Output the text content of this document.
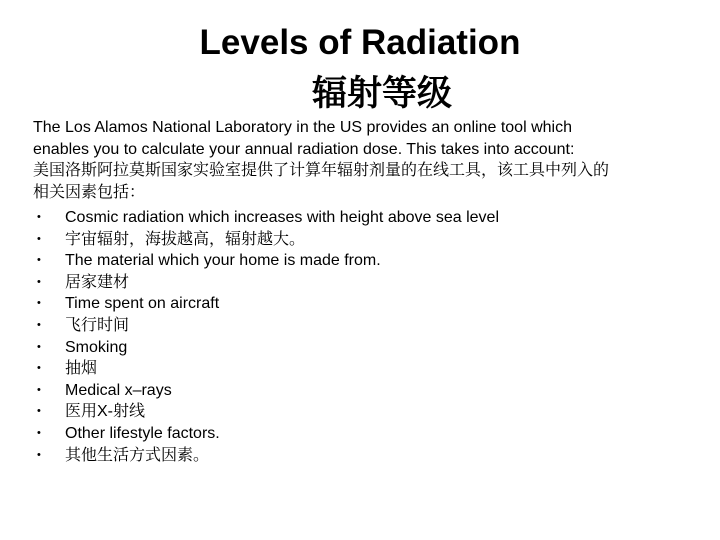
Levels of Radiation
辐射等级
The Los Alamos National Laboratory in the US provides an online tool which
enables you to calculate your annual radiation dose. This takes into account:
美国洛斯阿拉莫斯国家实验室提供了计算年辐射剂量的在线工具，该工具中列入的
相关因素包括：
• Cosmic radiation which increases with height above sea level
• 宇宙辐射，海拔越高，辐射越大。
• The material which your home is made from.
• 居家建材
• Time spent on aircraft
• 飞行时间
• Smoking
• 抽烟
• Medical x–rays
• 医用X-射线
• Other lifestyle factors.
• 其他生活方式因素。
